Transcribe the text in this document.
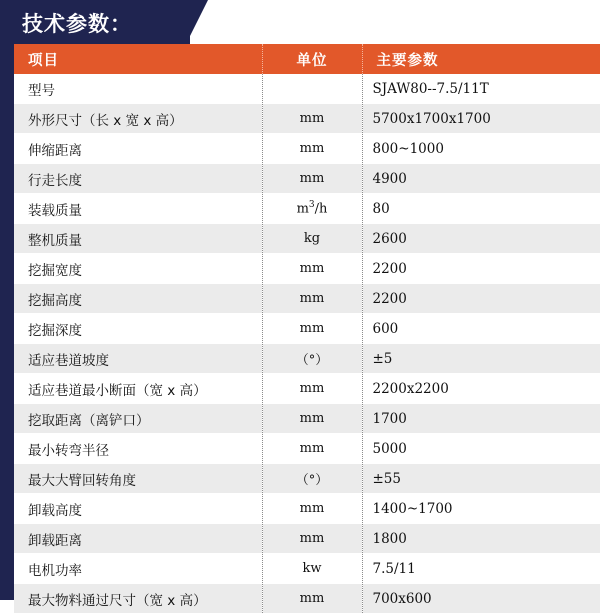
技术参数：
项目	单位	主要参数
型号		SJAW80--7.5/11T
外形尺寸（长 x 宽 x 高）	mm	5700x1700x1700
伸缩距离	mm	800~1000
行走长度	mm	4900
装载质量	$m^3/h$	80
整机质量	kg	2600
挖掘宽度	mm	2200
挖掘高度	mm	2200
挖掘深度	mm	600
适应巷道坡度	（°）	±5
适应巷道最小断面（宽 x 高）	mm	2200x2200
挖取距离（离铲口）	mm	1700
最小转弯半径	mm	5000
最大大臂回转角度	（°）	±55
卸载高度	mm	1400~1700
卸载距离	mm	1800
电机功率	kw	7.5/11
最大物料通过尺寸（宽 x 高）	mm	700x600
